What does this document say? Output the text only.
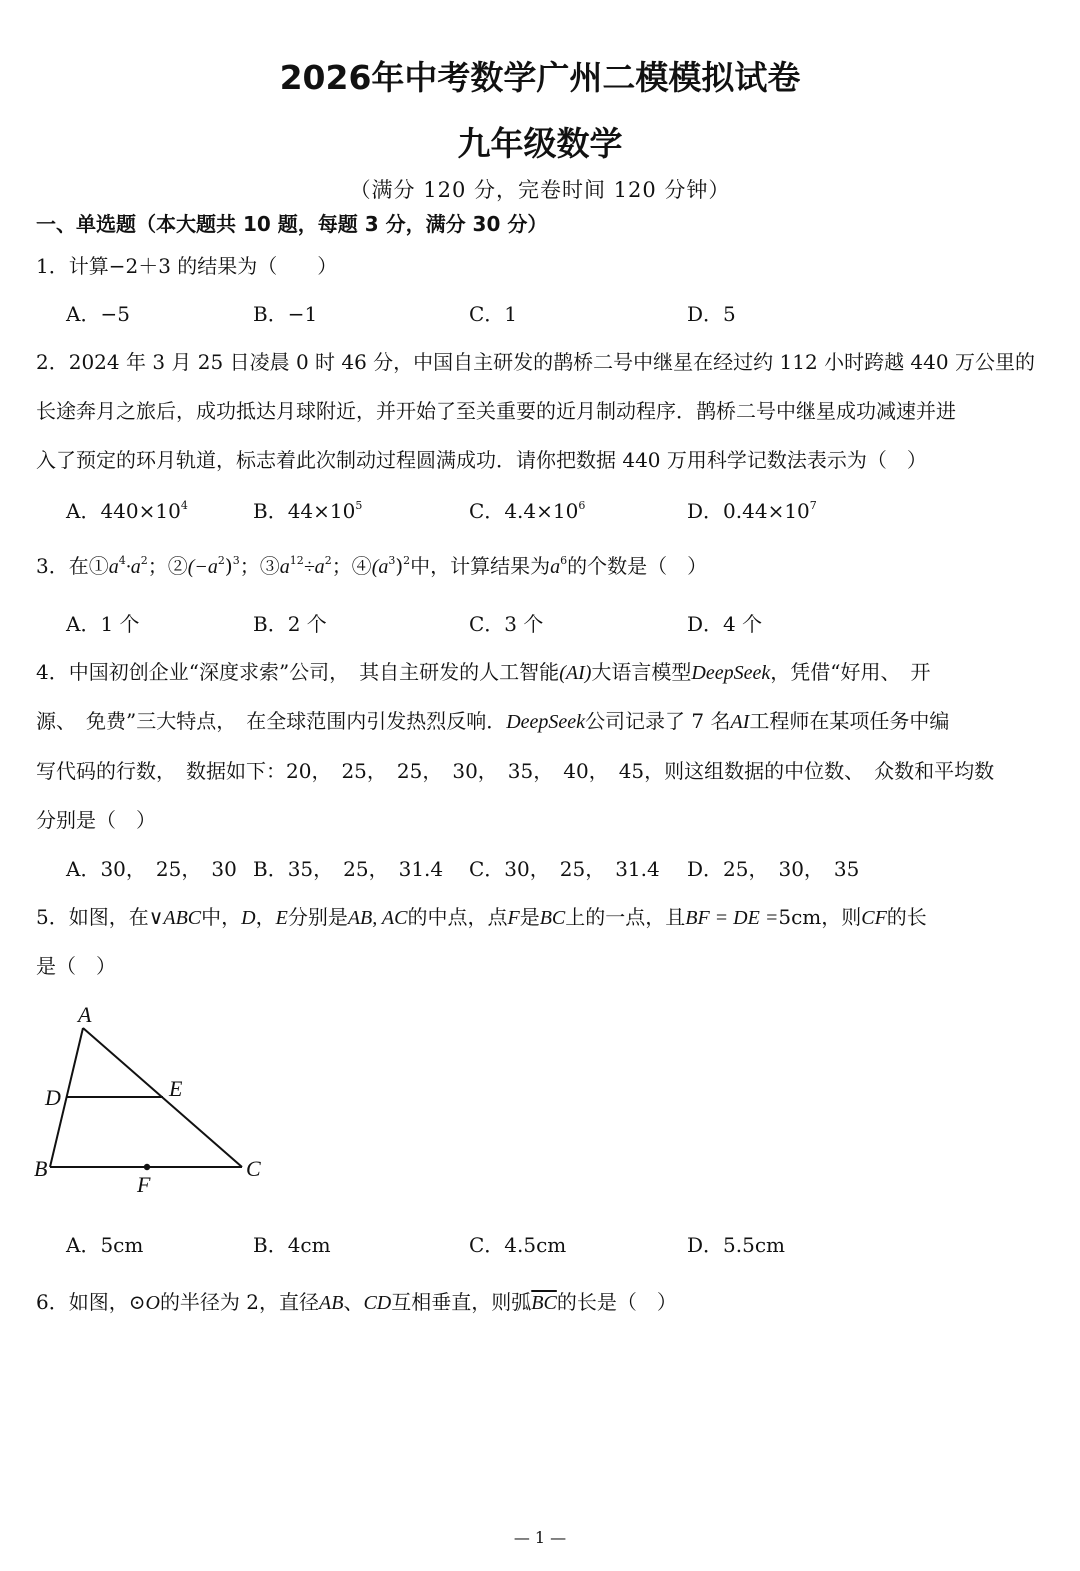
2026年中考数学广州二模模拟试卷
九年级数学
（满分 120 分，完卷时间 120 分钟）
一、单选题（本大题共 10 题，每题 3 分，满分 30 分）
1．计算−2＋3 的结果为（　　）
A．−5	B．−1	C．1	D．5
2．2024 年 3 月 25 日凌晨 0 时 46 分，中国自主研发的鹊桥二号中继星在经过约 112 小时跨越 440 万公里的
长途奔月之旅后，成功抵达月球附近，并开始了至关重要的近月制动程序．鹊桥二号中继星成功减速并进
入了预定的环月轨道，标志着此次制动过程圆满成功．请你把数据 440 万用科学记数法表示为（　）
A．$440\times 10^4$	B．$44\times 10^5$	C．$4.4\times 10^6$	D．$0.44\times 10^7$
3．在$①a^4\cdot a^2$；$②(-a^2)^3$；$③a^{12}\div a^2$；$④(a^3)^2$中，计算结果为$a^6$的个数是（　）
A．1 个	B．2 个	C．3 个	D．4 个
4．中国初创企业“深度求索”公司，　其自主研发的人工智能(AI)大语言模型DeepSeek，凭借“好用、　开
源、　免费”三大特点，　在全球范围内引发热烈反响．DeepSeek公司记录了 7 名AI工程师在某项任务中编
写代码的行数，　数据如下：20，　25，　25，　30，　35，　40，　45，则这组数据的中位数、　众数和平均数
分别是（　）
A．30，　25，　30 B．35，　25，　31.4 C．30，　25，　31.4 D．25，　30，　35
5．如图，在∨ABC中，D，E分别是AB, AC的中点，点F是BC上的一点，且BF = DE =5cm，则CF的长
是（　）
A
D	E
B
F
C
A．5cm	B．4cm	C．4.5cm	D．5.5cm
6．如图，⊙O的半径为 2，直径AB、CD互相垂直，则弧$\overline{BC}$的长是（　）
— 1 —
